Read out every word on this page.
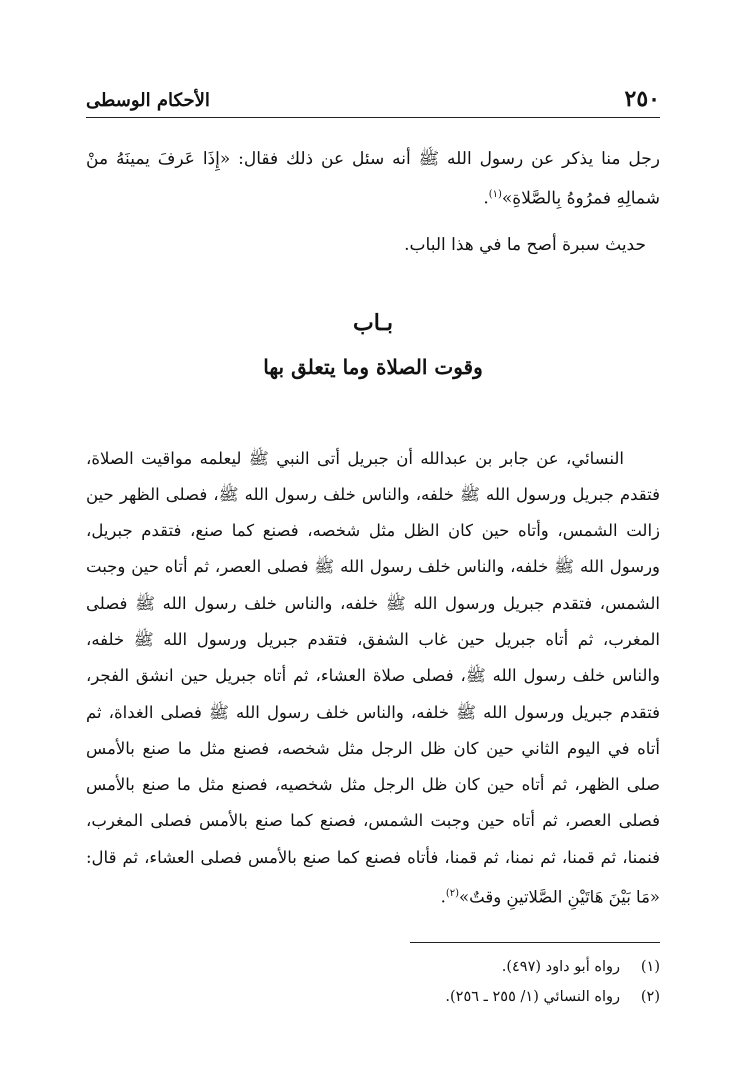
٢٥٠
الأحكام الوسطى

رجل منا يذكر عن رسول الله ﷺ أنه سئل عن ذلك فقال: «إِذَا عَرفَ يمينَهُ منْ شمالِهِ فمرُوهُ بِالصَّلاةِ»$^{(١)}$.

حديث سبرة أصح ما في هذا الباب.

بـاب
وقوت الصلاة وما يتعلق بها

النسائي، عن جابر بن عبدالله أن جبريل أتى النبي ﷺ ليعلمه مواقيت الصلاة، فتقدم جبريل ورسول الله ﷺ خلفه، والناس خلف رسول الله ﷺ، فصلى الظهر حين زالت الشمس، وأتاه حين كان الظل مثل شخصه، فصنع كما صنع، فتقدم جبريل، ورسول الله ﷺ خلفه، والناس خلف رسول الله ﷺ فصلى العصر، ثم أتاه حين وجبت الشمس، فتقدم جبريل ورسول الله ﷺ خلفه، والناس خلف رسول الله ﷺ فصلى المغرب، ثم أتاه جبريل حين غاب الشفق، فتقدم جبريل ورسول الله ﷺ خلفه، والناس خلف رسول الله ﷺ، فصلى صلاة العشاء، ثم أتاه جبريل حين انشق الفجر، فتقدم جبريل ورسول الله ﷺ خلفه، والناس خلف رسول الله ﷺ فصلى الغداة، ثم أتاه في اليوم الثاني حين كان ظل الرجل مثل شخصه، فصنع مثل ما صنع بالأمس صلى الظهر، ثم أتاه حين كان ظل الرجل مثل شخصيه، فصنع مثل ما صنع بالأمس فصلى العصر، ثم أتاه حين وجبت الشمس، فصنع كما صنع بالأمس فصلى المغرب، فنمنا، ثم قمنا، ثم نمنا، ثم قمنا، فأتاه فصنع كما صنع بالأمس فصلى العشاء، ثم قال: «مَا بَيْنَ هَاتَيْنِ الصَّلاتينِ وقتٌ»$^{(٢)}$.

(١)
رواه أبو داود (٤٩٧).
(٢)
رواه النسائي (١/ ٢٥٥ ـ ٢٥٦).
